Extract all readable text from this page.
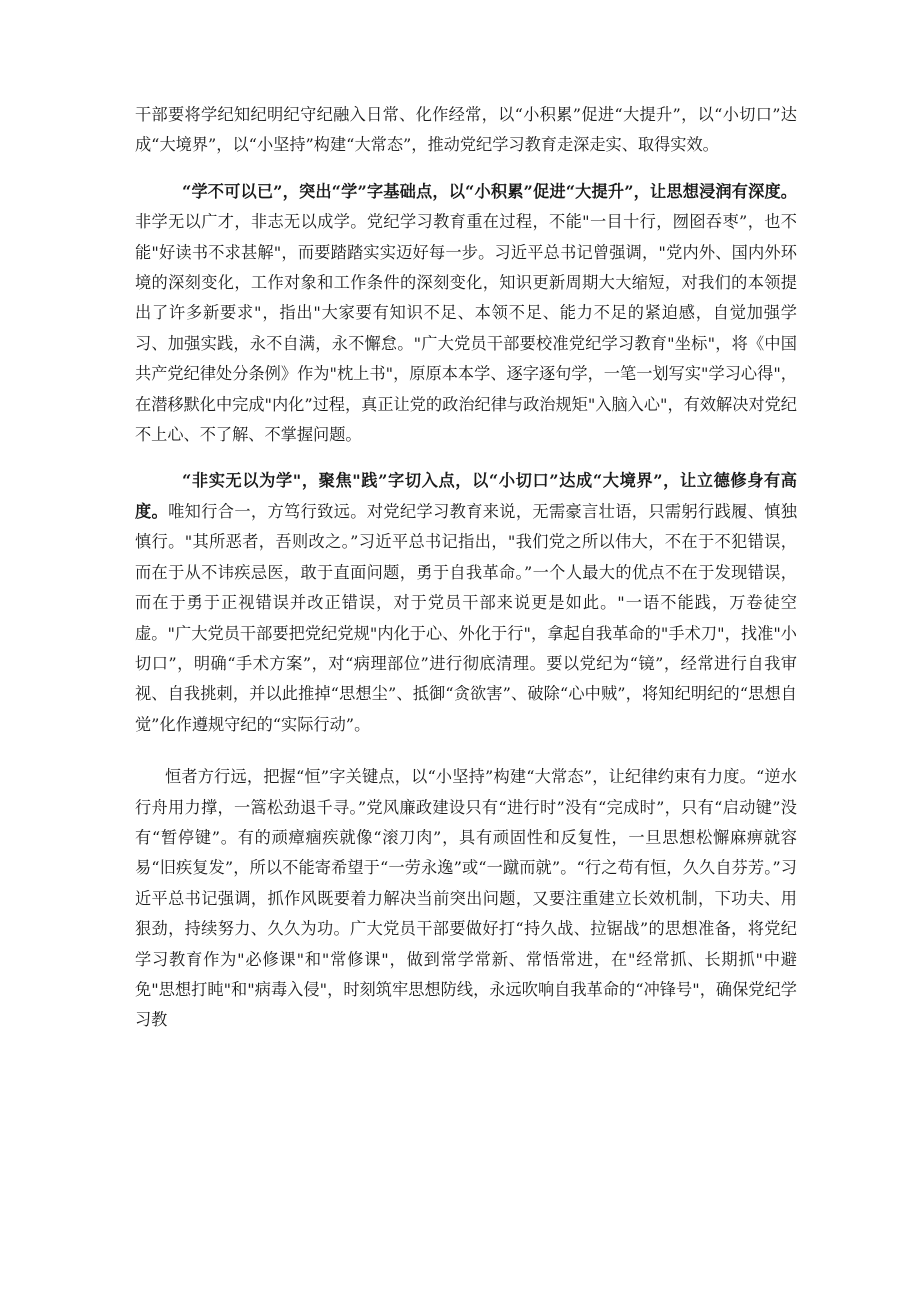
干部要将学纪知纪明纪守纪融入日常、化作经常，以“小积累”促进“大提升”，以“小切口”达成“大境界”，以“小坚持”构建“大常态”，推动党纪学习教育走深走实、取得实效。

“学不可以已”，突出“学”字基础点，以“小积累”促进“大提升”，让思想浸润有深度。非学无以广才，非志无以成学。党纪学习教育重在过程，不能"一目十行，囫囵吞枣”，也不能"好读书不求甚解"，而要踏踏实实迈好每一步。习近平总书记曾强调，"党内外、国内外环境的深刻变化，工作对象和工作条件的深刻变化，知识更新周期大大缩短，对我们的本领提出了许多新要求"，指出"大家要有知识不足、本领不足、能力不足的紧迫感，自觉加强学习、加强实践，永不自满，永不懈怠。"广大党员干部要校准党纪学习教育"坐标"，将《中国共产党纪律处分条例》作为"枕上书"，原原本本学、逐字逐句学，一笔一划写实"学习心得"，在潜移默化中完成"内化”过程，真正让党的政治纪律与政治规矩"入脑入心"，有效解决对党纪不上心、不了解、不掌握问题。

“非实无以为学"，聚焦"践”字切入点，以“小切口”达成“大境界”，让立德修身有高度。唯知行合一，方笃行致远。对党纪学习教育来说，无需豪言壮语，只需躬行践履、慎独慎行。"其所恶者，吾则改之。”习近平总书记指出，"我们党之所以伟大，不在于不犯错误，而在于从不讳疾忌医，敢于直面问题，勇于自我革命。”一个人最大的优点不在于发现错误，而在于勇于正视错误并改正错误，对于党员干部来说更是如此。"一语不能践，万卷徒空虚。"广大党员干部要把党纪党规"内化于心、外化于行"，拿起自我革命的"手术刀"，找准"小切口”，明确“手术方案”，对“病理部位”进行彻底清理。要以党纪为“镜”，经常进行自我审视、自我挑刺，并以此推掉“思想尘”、抵御“贪欲害”、破除“心中贼”，将知纪明纪的“思想自觉”化作遵规守纪的“实际行动”。

恒者方行远，把握“恒”字关键点，以“小坚持”构建“大常态”，让纪律约束有力度。“逆水行舟用力撑，一篙松劲退千寻。”党风廉政建设只有“进行时”没有“完成时”，只有“启动键”没有“暂停键”。有的顽瘴痼疾就像“滚刀肉”，具有顽固性和反复性，一旦思想松懈麻痹就容易“旧疾复发”，所以不能寄希望于“一劳永逸”或“一蹴而就”。“行之苟有恒，久久自芬芳。”习近平总书记强调，抓作风既要着力解决当前突出问题，又要注重建立长效机制，下功夫、用狠劲，持续努力、久久为功。广大党员干部要做好打“持久战、拉锯战”的思想准备，将党纪学习教育作为"必修课"和"常修课"，做到常学常新、常悟常进，在"经常抓、长期抓"中避免"思想打盹"和"病毒入侵"，时刻筑牢思想防线，永远吹响自我革命的“冲锋号"，确保党纪学习教
